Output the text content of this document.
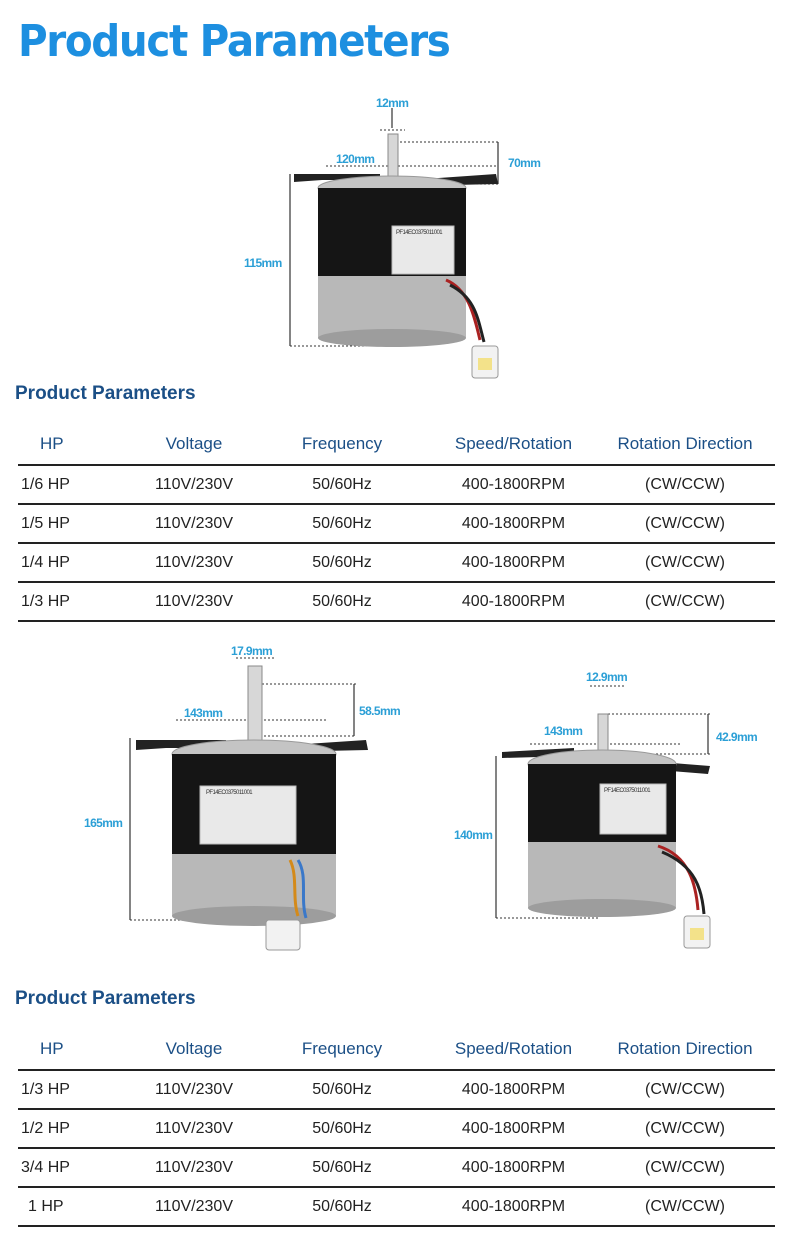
Product Parameters
12mm
120mm	70mm
115mm
PF14EC0375011001
Product Parameters
HP	Voltage	Frequency	Speed/Rotation	Rotation Direction
1/6 HP	110V/230V	50/60Hz	400-1800RPM	(CW/CCW)
1/5 HP	110V/230V	50/60Hz	400-1800RPM	(CW/CCW)
1/4 HP	110V/230V	50/60Hz	400-1800RPM	(CW/CCW)
1/3 HP	110V/230V	50/60Hz	400-1800RPM	(CW/CCW)
17.9mm
143mm	58.5mm
165mm
PF14EC0375011001
12.9mm
143mm	42.9mm
140mm
PF14EC0375011001
Product Parameters
HP	Voltage	Frequency	Speed/Rotation	Rotation Direction
1/3 HP	110V/230V	50/60Hz	400-1800RPM	(CW/CCW)
1/2 HP	110V/230V	50/60Hz	400-1800RPM	(CW/CCW)
3/4 HP	110V/230V	50/60Hz	400-1800RPM	(CW/CCW)
1 HP	110V/230V	50/60Hz	400-1800RPM	(CW/CCW)
